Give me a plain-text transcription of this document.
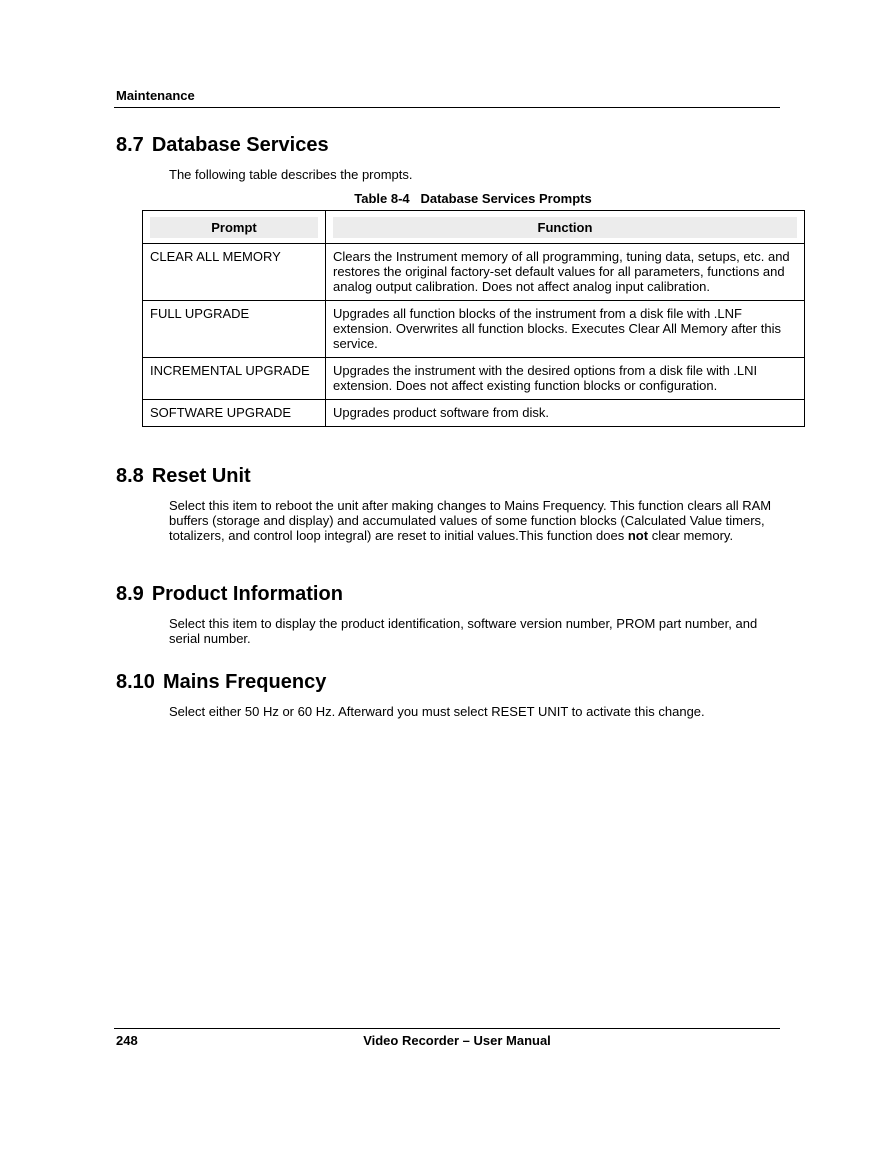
Maintenance
8.7 Database Services

The following table describes the prompts.

Table 8-4   Database Services Prompts
Prompt	Function

CLEAR ALL MEMORY	Clears the Instrument memory of all programming, tuning data, setups, etc. and restores the original factory-set default values for all parameters, functions and analog output calibration. Does not affect analog input calibration.
FULL UPGRADE	Upgrades all function blocks of the instrument from a disk file with .LNF extension. Overwrites all function blocks. Executes Clear All Memory after this service.
INCREMENTAL UPGRADE	Upgrades the instrument with the desired options from a disk file with .LNI extension. Does not affect existing function blocks or configuration.
SOFTWARE UPGRADE	Upgrades product software from disk.
8.8 Reset Unit

Select this item to reboot the unit after making changes to Mains Frequency. This function clears all RAM buffers (storage and display) and accumulated values of some function blocks (Calculated Value timers, totalizers, and control loop integral) are reset to initial values.This function does not clear memory.

8.9 Product Information

Select this item to display the product identification, software version number, PROM part number, and serial number.

8.10 Mains Frequency

Select either 50 Hz or 60 Hz. Afterward you must select RESET UNIT to activate this change.

248	Video Recorder – User Manual
